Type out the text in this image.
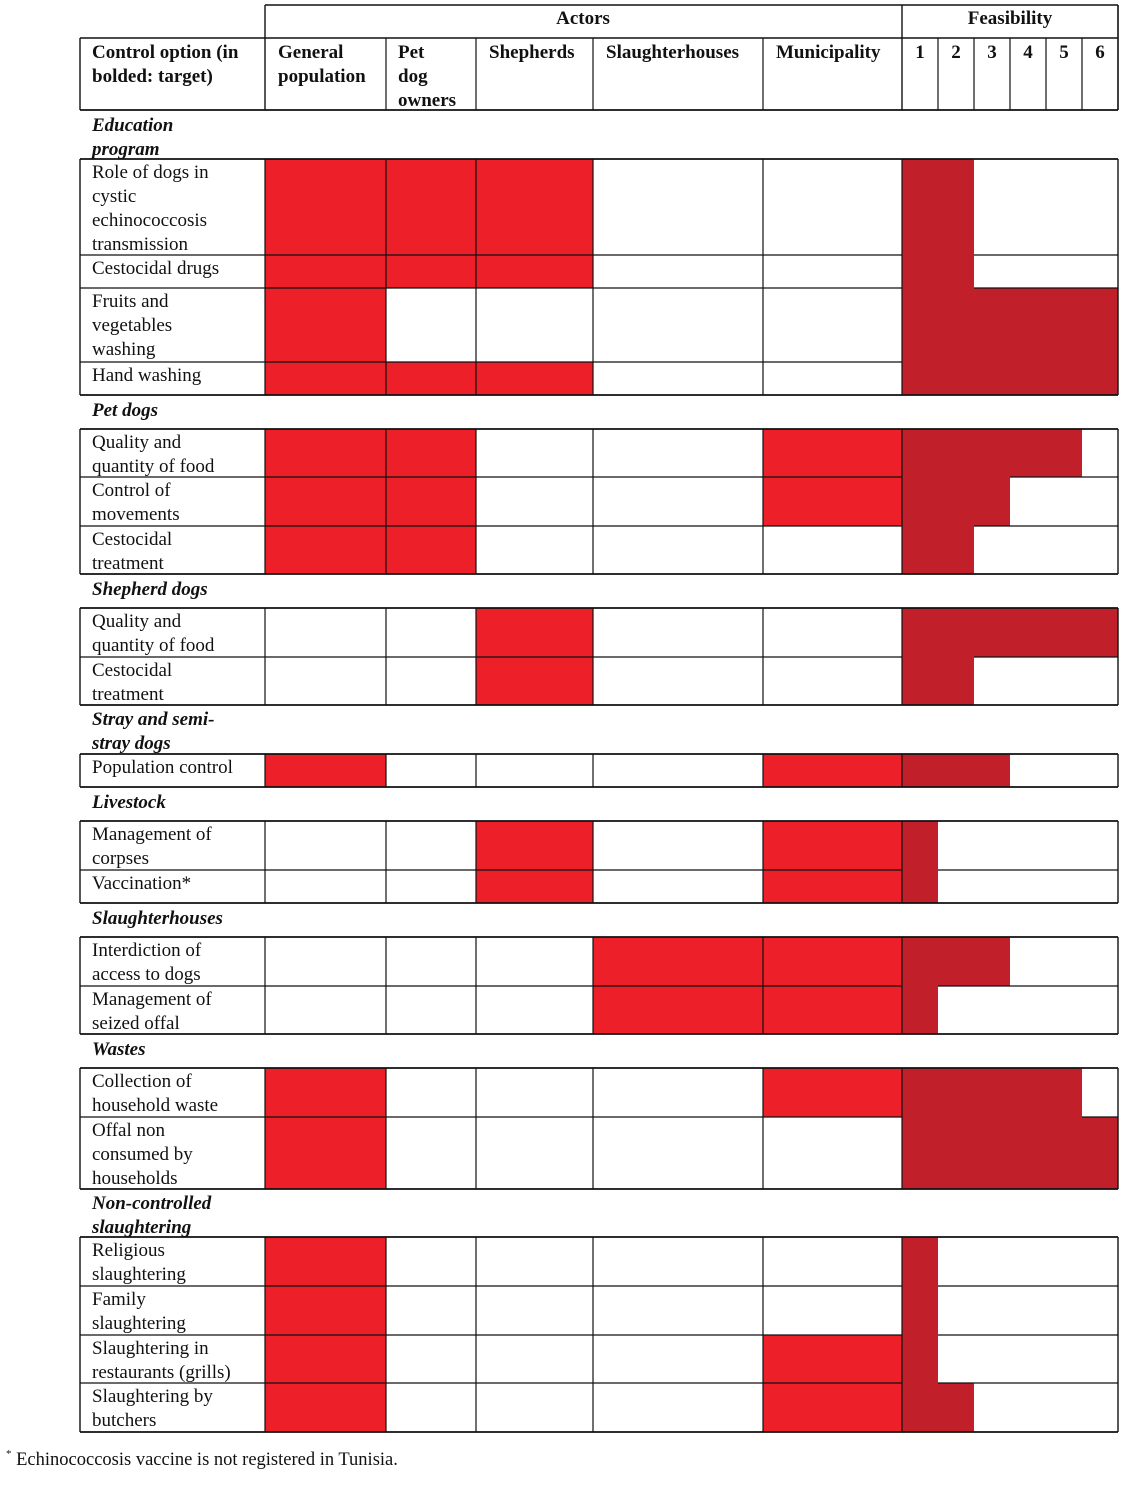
Actors	Feasibility
Control option (in bolded: target)
General population
Pet dog owners
Shepherds Slaughterhouses Municipality 1 2 3 4 5 6
Education program
Role of dogs in cystic echinococcosis transmission
Cestocidal drugs
Fruits and vegetables washing
Hand washing
Pet dogs
Quality and quantity of food
Control of movements
Cestocidal treatment
Shepherd dogs
Quality and quantity of food
Cestocidal treatment
Stray and semi-stray dogs
Population control
Livestock
Management of corpses
Vaccination*
Slaughterhouses
Interdiction of access to dogs
Management of seized offal
Wastes
Collection of household waste
Offal non consumed by households
Non-controlled slaughtering
Religious slaughtering
Family slaughtering
Slaughtering in restaurants (grills)
Slaughtering by butchers
* Echinococcosis vaccine is not registered in Tunisia.
